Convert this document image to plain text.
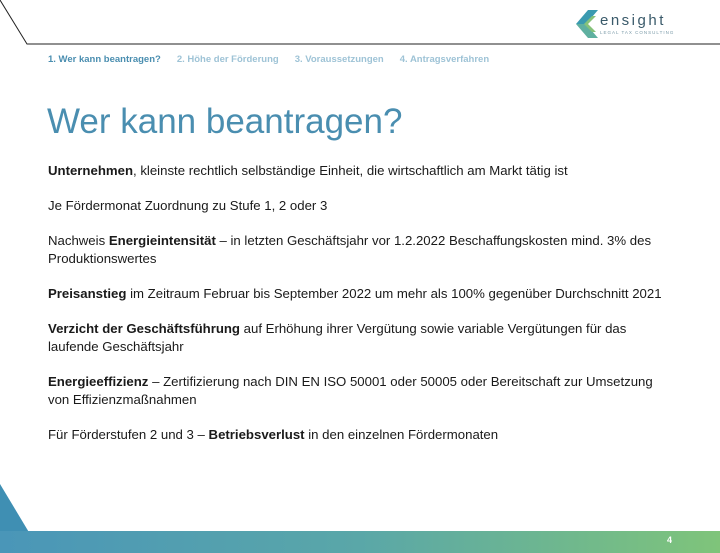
ensight
LEGAL TAX CONSULTING
1. Wer kann beantragen? 2. Höhe der Förderung 3. Voraussetzungen 4. Antragsverfahren
Wer kann beantragen?

Unternehmen, kleinste rechtlich selbständige Einheit, die wirtschaftlich am Markt tätig ist

Je Fördermonat Zuordnung zu Stufe 1, 2 oder 3

Nachweis Energieintensität – in letzten Geschäftsjahr vor 1.2.2022 Beschaffungskosten mind. 3% des Produktionswertes

Preisanstieg im Zeitraum Februar bis September 2022 um mehr als 100% gegenüber Durchschnitt 2021

Verzicht der Geschäftsführung auf Erhöhung ihrer Vergütung sowie variable Vergütungen für das laufende Geschäftsjahr

Energieeffizienz – Zertifizierung nach DIN EN ISO 50001 oder 50005 oder Bereitschaft zur Umsetzung von Effizienzmaßnahmen

Für Förderstufen 2 und 3 – Betriebsverlust in den einzelnen Fördermonaten

4
